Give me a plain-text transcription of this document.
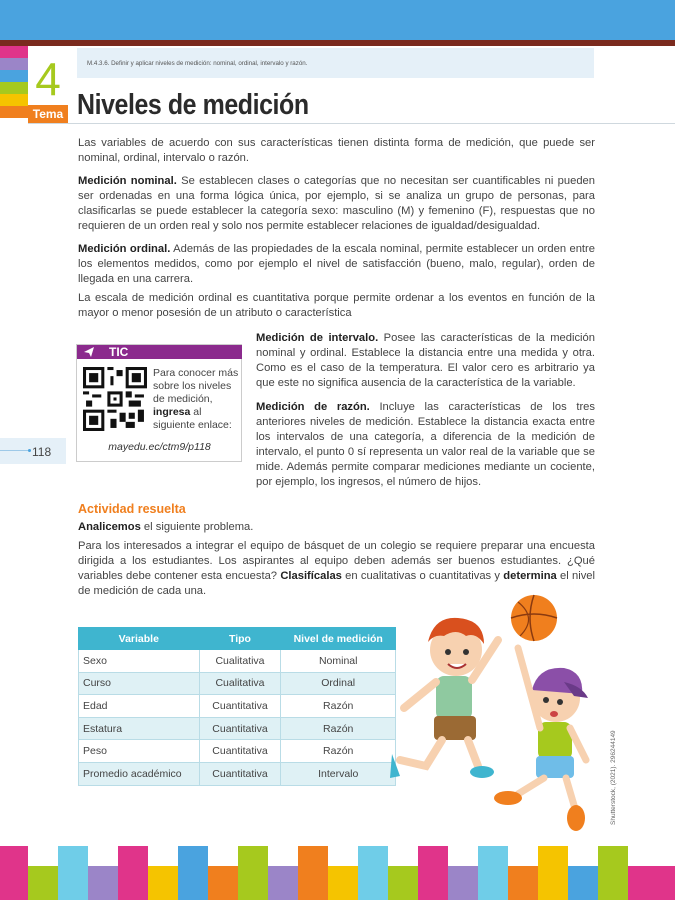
4
Tema
M.4.3.6. Definir y aplicar niveles de medición: nominal, ordinal, intervalo y razón.
Niveles de medición

Las variables de acuerdo con sus características tienen distinta forma de medición, que puede ser nominal, ordinal, intervalo o razón.

Medición nominal. Se establecen clases o categorías que no necesitan ser cuantificables ni pueden ser ordenadas en una forma lógica única, por ejemplo, si se analiza un grupo de personas, para clasificarlas se puede establecer la categoría sexo: masculino (M) y femenino (F), respuestas que no requieren de un orden real y solo nos permite establecer relaciones de igualdad/desigualdad.

Medición ordinal. Además de las propiedades de la escala nominal, permite establecer un orden entre los elementos medidos, como por ejemplo el nivel de satisfacción (bueno, malo, regular), orden de llegada en una carrera.

La escala de medición ordinal es cuantitativa porque permite ordenar a los eventos en función de la mayor o menor posesión de un atributo o característica

TIC
Para conocer más sobre los niveles de medición, ingresa al siguiente enlace:
mayedu.ec/ctm9/p118

Medición de intervalo. Posee las características de la medición nominal y ordinal. Establece la distancia entre una medida y otra. Como es el caso de la temperatura. El valor cero es arbitrario ya que este no significa ausencia de la característica de la variable.

Medición de razón. Incluye las características de los tres anteriores niveles de medición. Establece la distancia exacta entre los intervalos de una categoría, a diferencia de la medición de intervalo, el punto 0 sí representa un valor real de la variable que se mide. Además permite comparar mediciones mediante un cociente, por ejemplo, los ingresos, el número de hijos.

118
Actividad resuelta

Analicemos el siguiente problema.

Para los interesados a integrar el equipo de básquet de un colegio se requiere preparar una encuesta dirigida a los estudiantes. Los aspirantes al equipo deben además ser buenos estudiantes. ¿Qué variables debe contener esta encuesta? Clasifícalas en cualitativas o cuantitativas y determina el nivel de medición de cada una.

Variable	Tipo	Nivel de medición
Sexo	Cualitativa	Nominal
Curso	Cualitativa	Ordinal
Edad	Cuantitativa	Razón
Estatura	Cuantitativa	Razón
Peso	Cuantitativa	Razón
Promedio académico	Cuantitativa	Intervalo	Shutterstock, (2021). 296244149
